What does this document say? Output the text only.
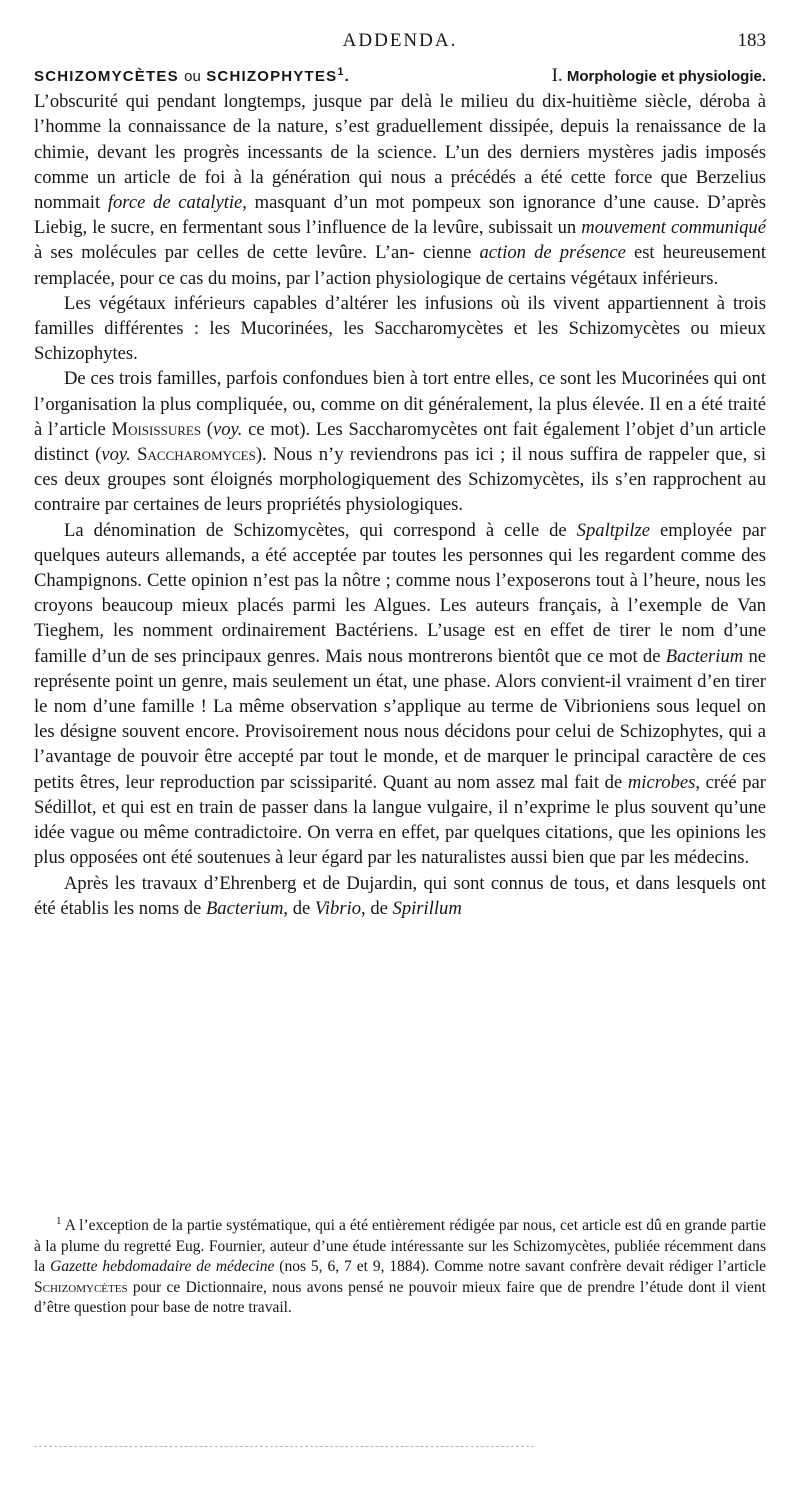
ADDENDA.	183
SCHIZOMYCÈTES ou SCHIZOPHYTES$^1$.	I. Morphologie et physiologie.

L’obscurité qui pendant longtemps, jusque par delà le milieu du dix-huitième siècle, déroba à l’homme la connaissance de la nature, s’est graduellement dissipée, depuis la renaissance de la chimie, devant les progrès incessants de la science. L’un des derniers mystères jadis imposés comme un article de foi à la génération qui nous a précédés a été cette force que Berzelius nommait force de catalytie, masquant d’un mot pompeux son ignorance d’une cause. D’après Liebig, le sucre, en fermentant sous l’influence de la levûre, subissait un mouvement communiqué à ses molécules par celles de cette levûre. L’an- cienne action de présence est heureusement remplacée, pour ce cas du moins, par l’action physiologique de certains végétaux inférieurs.

Les végétaux inférieurs capables d’altérer les infusions où ils vivent appartiennent à trois familles différentes : les Mucorinées, les Saccharomycètes et les Schizomycètes ou mieux Schizophytes.

De ces trois familles, parfois confondues bien à tort entre elles, ce sont les Mucorinées qui ont l’organisation la plus compliquée, ou, comme on dit généralement, la plus élevée. Il en a été traité à l’article Moisissures (voy. ce mot). Les Saccharomycètes ont fait également l’objet d’un article distinct (voy. Saccharomyces). Nous n’y reviendrons pas ici ; il nous suffira de rappeler que, si ces deux groupes sont éloignés morphologiquement des Schizomycètes, ils s’en rapprochent au contraire par certaines de leurs propriétés physiologiques.

La dénomination de Schizomycètes, qui correspond à celle de Spaltpilze employée par quelques auteurs allemands, a été acceptée par toutes les personnes qui les regardent comme des Champignons. Cette opinion n’est pas la nôtre ; comme nous l’exposerons tout à l’heure, nous les croyons beaucoup mieux placés parmi les Algues. Les auteurs français, à l’exemple de Van Tieghem, les nomment ordinairement Bactériens. L’usage est en effet de tirer le nom d’une famille d’un de ses principaux genres. Mais nous montrerons bientôt que ce mot de Bacterium ne représente point un genre, mais seulement un état, une phase. Alors convient-il vraiment d’en tirer le nom d’une famille ! La même observation s’applique au terme de Vibrioniens sous lequel on les désigne souvent encore. Provisoirement nous nous décidons pour celui de Schizophytes, qui a l’avantage de pouvoir être accepté par tout le monde, et de marquer le principal caractère de ces petits êtres, leur reproduction par scissiparité. Quant au nom assez mal fait de microbes, créé par Sédillot, et qui est en train de passer dans la langue vulgaire, il n’exprime le plus souvent qu’une idée vague ou même contradictoire. On verra en effet, par quelques citations, que les opinions les plus opposées ont été soutenues à leur égard par les naturalistes aussi bien que par les médecins.

Après les travaux d’Ehrenberg et de Dujardin, qui sont connus de tous, et dans lesquels ont été établis les noms de Bacterium, de Vibrio, de Spirillum

$^1$ A l’exception de la partie systématique, qui a été entièrement rédigée par nous, cet article est dû en grande partie à la plume du regretté Eug. Fournier, auteur d’une étude intéressante sur les Schizomycètes, publiée récemment dans la Gazette hebdomadaire de médecine (nos 5, 6, 7 et 9, 1884). Comme notre savant confrère devait rédiger l’article Schizomycètes pour ce Dictionnaire, nous avons pensé ne pouvoir mieux faire que de prendre l’étude dont il vient d’être question pour base de notre travail.
